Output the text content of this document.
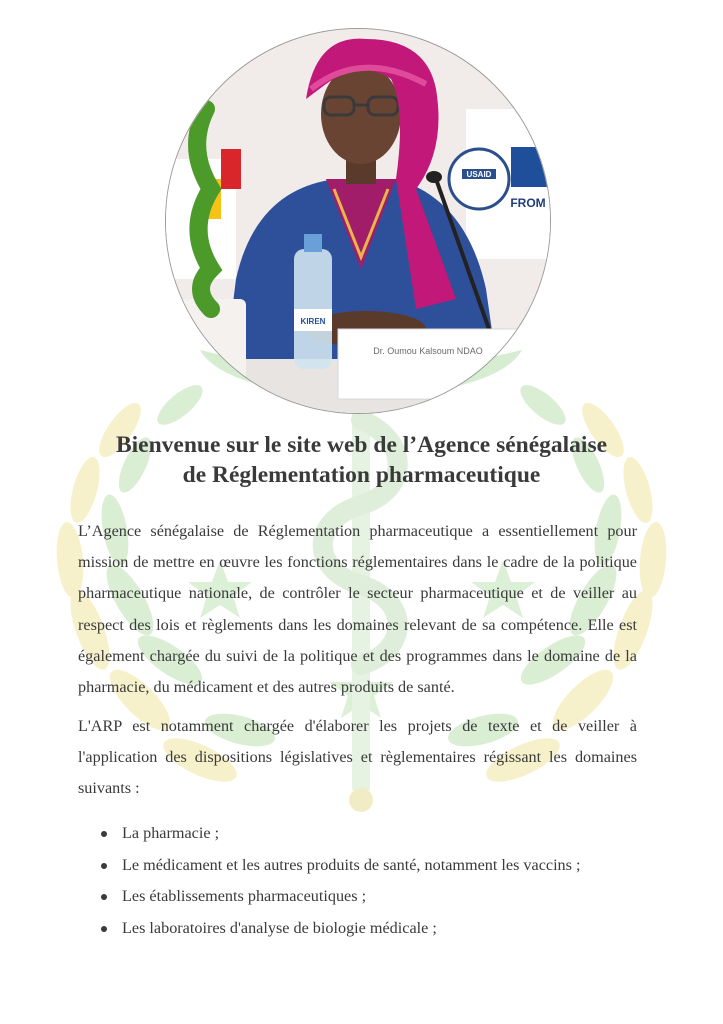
USAID
FROM
KIREN
Dr. Oumou Kalsoum NDAO
Bienvenue sur le site web de l’Agence sénégalaise
de Réglementation pharmaceutique

L’Agence sénégalaise de Réglementation pharmaceutique a essentiellement pour mission de mettre en œuvre les fonctions réglementaires dans le cadre de la politique pharmaceutique nationale, de contrôler le secteur pharmaceutique et de veiller au respect des lois et règlements dans les domaines relevant de sa compétence. Elle est également chargée du suivi de la politique et des programmes dans le domaine de la pharmacie, du médicament et des autres produits de santé.

L'ARP est notamment chargée d'élaborer les projets de texte et de veiller à l'application des dispositions législatives et règlementaires régissant les domaines suivants :

La pharmacie ;
Le médicament et les autres produits de santé, notamment les vaccins ;
Les établissements pharmaceutiques ;
Les laboratoires d'analyse de biologie médicale ;
